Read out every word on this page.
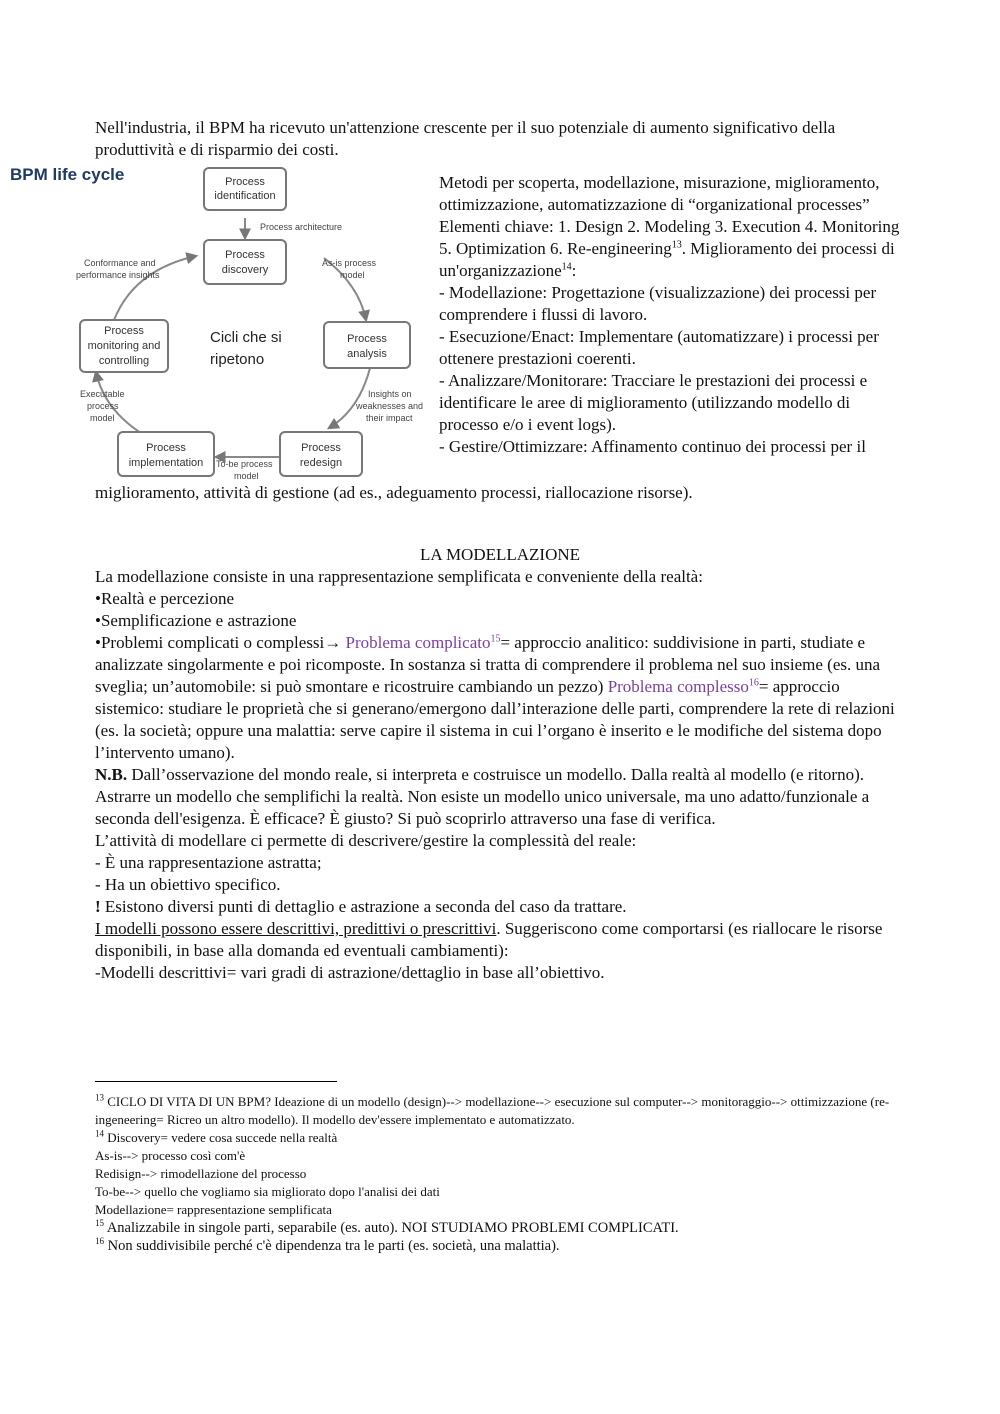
Nell'industria, il BPM ha ricevuto un'attenzione crescente per il suo potenziale di aumento significativo della produttività e di risparmio dei costi.

BPM life cycle	Process
identification
Process
discovery
Process
analysis
Process
redesign
Process
implementation
Process
monitoring and
controlling
Process architecture
As-is process
model
Insights on
weaknesses and
their impact
To-be process
model
Executable
process
model
Conformance and
performance insights
Cicli che si
ripetono
Metodi per scoperta, modellazione, misurazione, miglioramento, ottimizzazione, automatizzazione di “organizational processes” Elementi chiave: 1. Design 2. Modeling 3. Execution 4. Monitoring 5. Optimization 6. Re-engineering$^{13}$. Miglioramento dei processi di un'organizzazione$^{14}$:
- Modellazione: Progettazione (visualizzazione) dei processi per comprendere i flussi di lavoro.
- Esecuzione/Enact: Implementare (automatizzare) i processi per ottenere prestazioni coerenti.
- Analizzare/Monitorare: Tracciare le prestazioni dei processi e identificare le aree di miglioramento (utilizzando modello di processo e/o i event logs).
- Gestire/Ottimizzare: Affinamento continuo dei processi per il

miglioramento, attività di gestione (ad es., adeguamento processi, riallocazione risorse).

LA MODELLAZIONE
La modellazione consiste in una rappresentazione semplificata e conveniente della realtà:
•Realtà e percezione
•Semplificazione e astrazione
•Problemi complicati o complessi→ Problema complicato$^{15}$= approccio analitico: suddivisione in parti, studiate e analizzate singolarmente e poi ricomposte. In sostanza si tratta di comprendere il problema nel suo insieme (es. una sveglia; un’automobile: si può smontare e ricostruire cambiando un pezzo) Problema complesso$^{16}$= approccio sistemico: studiare le proprietà che si generano/emergono dall’interazione delle parti, comprendere la rete di relazioni (es. la società; oppure una malattia: serve capire il sistema in cui l’organo è inserito e le modifiche del sistema dopo l’intervento umano).
N.B. Dall’osservazione del mondo reale, si interpreta e costruisce un modello. Dalla realtà al modello (e ritorno). Astrarre un modello che semplifichi la realtà. Non esiste un modello unico universale, ma uno adatto/funzionale a seconda dell'esigenza. È efficace? È giusto? Si può scoprirlo attraverso una fase di verifica.
L’attività di modellare ci permette di descrivere/gestire la complessità del reale:
- È una rappresentazione astratta;
- Ha un obiettivo specifico.
! Esistono diversi punti di dettaglio e astrazione a seconda del caso da trattare.
I modelli possono essere descrittivi, predittivi o prescrittivi. Suggeriscono come comportarsi (es riallocare le risorse disponibili, in base alla domanda ed eventuali cambiamenti):
-Modelli descrittivi= vari gradi di astrazione/dettaglio in base all’obiettivo.
$^{13}$ CICLO DI VITA DI UN BPM? Ideazione di un modello (design)--> modellazione--> esecuzione sul computer--> monitoraggio--> ottimizzazione (re-ingeneering= Ricreo un altro modello). Il modello dev'essere implementato e automatizzato.
$^{14}$ Discovery= vedere cosa succede nella realtà
As-is--> processo così com'è
Redisign--> rimodellazione del processo
To-be--> quello che vogliamo sia migliorato dopo l'analisi dei dati
Modellazione= rappresentazione semplificata
$^{15}$ Analizzabile in singole parti, separabile (es. auto). NOI STUDIAMO PROBLEMI COMPLICATI.
$^{16}$ Non suddivisibile perché c'è dipendenza tra le parti (es. società, una malattia).
